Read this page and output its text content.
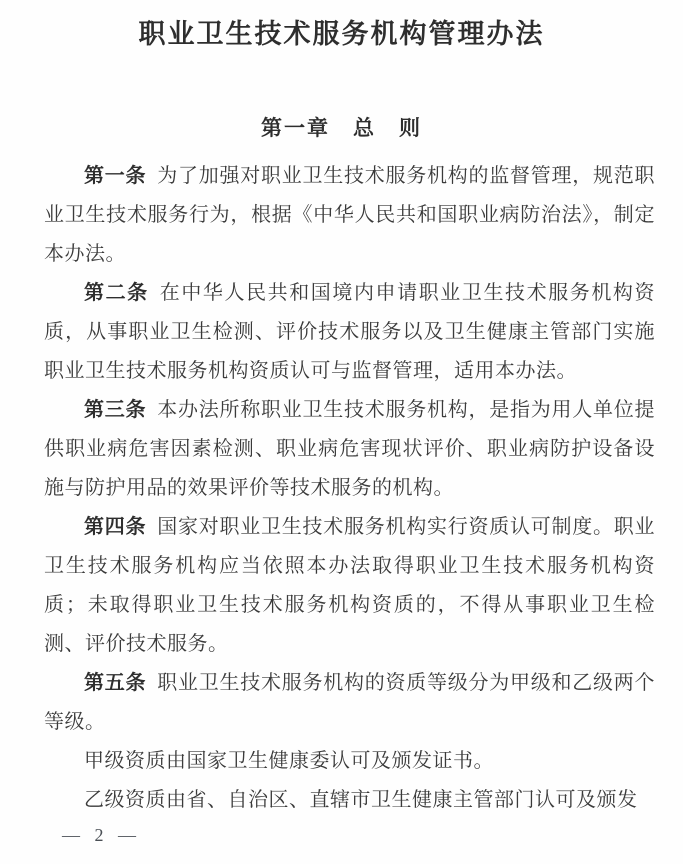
职业卫生技术服务机构管理办法
第一章　总　则

第一条 为了加强对职业卫生技术服务机构的监督管理，规范职业卫生技术服务行为，根据《中华人民共和国职业病防治法》，制定本办法。

第二条 在中华人民共和国境内申请职业卫生技术服务机构资质，从事职业卫生检测、评价技术服务以及卫生健康主管部门实施职业卫生技术服务机构资质认可与监督管理，适用本办法。

第三条 本办法所称职业卫生技术服务机构，是指为用人单位提供职业病危害因素检测、职业病危害现状评价、职业病防护设备设施与防护用品的效果评价等技术服务的机构。

第四条 国家对职业卫生技术服务机构实行资质认可制度。职业卫生技术服务机构应当依照本办法取得职业卫生技术服务机构资质；未取得职业卫生技术服务机构资质的，不得从事职业卫生检测、评价技术服务。

第五条 职业卫生技术服务机构的资质等级分为甲级和乙级两个等级。

甲级资质由国家卫生健康委认可及颁发证书。

乙级资质由省、自治区、直辖市卫生健康主管部门认可及颁发

— 2 —
